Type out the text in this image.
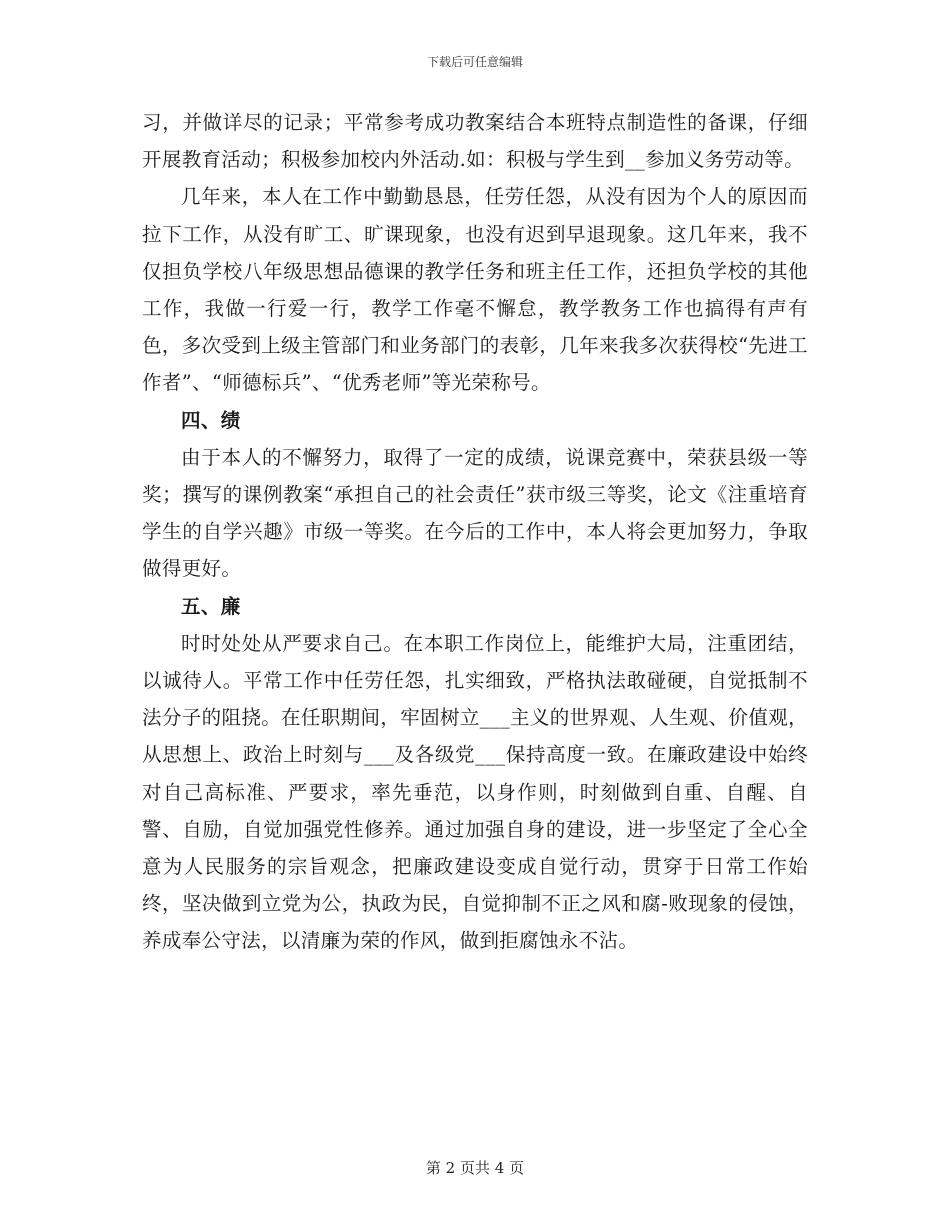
下载后可任意编辑

习，并做详尽的记录；平常参考成功教案结合本班特点制造性的备课，仔细开展教育活动；积极参加校内外活动.如：积极与学生到__参加义务劳动等。

几年来，本人在工作中勤勤恳恳，任劳任怨，从没有因为个人的原因而拉下工作，从没有旷工、旷课现象，也没有迟到早退现象。这几年来，我不仅担负学校八年级思想品德课的教学任务和班主任工作，还担负学校的其他工作，我做一行爱一行，教学工作毫不懈怠，教学教务工作也搞得有声有色，多次受到上级主管部门和业务部门的表彰，几年来我多次获得校“先进工作者”、“师德标兵”、“优秀老师”等光荣称号。

四、绩

由于本人的不懈努力，取得了一定的成绩，说课竞赛中，荣获县级一等奖；撰写的课例教案“承担自己的社会责任”获市级三等奖，论文《注重培育学生的自学兴趣》市级一等奖。在今后的工作中，本人将会更加努力，争取做得更好。

五、廉

时时处处从严要求自己。在本职工作岗位上，能维护大局，注重团结，以诚待人。平常工作中任劳任怨，扎实细致，严格执法敢碰硬，自觉抵制不法分子的阻挠。在任职期间，牢固树立___主义的世界观、人生观、价值观，从思想上、政治上时刻与___及各级党___保持高度一致。在廉政建设中始终对自己高标准、严要求，率先垂范，以身作则，时刻做到自重、自醒、自警、自励，自觉加强党性修养。通过加强自身的建设，进一步坚定了全心全意为人民服务的宗旨观念，把廉政建设变成自觉行动，贯穿于日常工作始终，坚决做到立党为公，执政为民，自觉抑制不正之风和腐-败现象的侵蚀，养成奉公守法，以清廉为荣的作风，做到拒腐蚀永不沾。

第 2 页共 4 页
